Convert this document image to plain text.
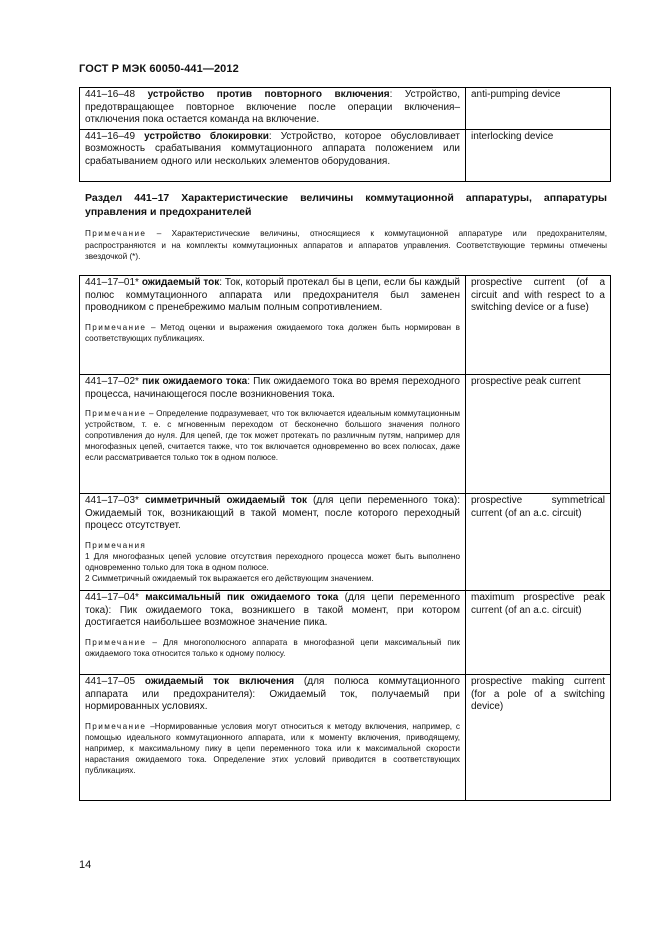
ГОСТ Р МЭК 60050-441—2012
441–16–48 устройство против повторного включения: Устройство, предотвращающее повторное включение после операции включения–отключения пока остается команда на включение.	anti-pumping device
441–16–49 устройство блокировки: Устройство, которое обусловливает возможность срабатывания коммутационного аппарата положением или срабатыванием одного или нескольких элементов оборудования.	interlocking device
Раздел 441–17 Характеристические величины коммутационной аппаратуры, аппаратуры управления и предохранителей
Примечание – Характеристические величины, относящиеся к коммутационной аппаратуре или предохранителям, распространяются и на комплекты коммутационных аппаратов и аппаратов управления. Соответствующие термины отмечены звездочкой (*).
441–17–01* ожидаемый ток: Ток, который протекал бы в цепи, если бы каждый полюс коммутационного аппарата или предохранителя был заменен проводником с пренебрежимо малым полным сопротивлением.
Примечание – Метод оценки и выражения ожидаемого тока должен быть нормирован в соответствующих публикациях.	prospective current (of a circuit and with respect to a switching device or a fuse)

441–17–02* пик ожидаемого тока: Пик ожидаемого тока во время переходного процесса, начинающегося после возникновения тока.
Примечание – Определение подразумевает, что ток включается идеальным коммутационным устройством, т. е. с мгновенным переходом от бесконечно большого значения полного сопротивления до нуля. Для цепей, где ток может протекать по различным путям, например для многофазных цепей, считается также, что ток включается одновременно во всех полюсах, даже если рассматривается только ток в одном полюсе.	prospective peak current

441–17–03* симметричный ожидаемый ток (для цепи переменного тока): Ожидаемый ток, возникающий в такой момент, после которого переходный процесс отсутствует.
Примечания
1 Для многофазных цепей условие отсутствия переходного процесса может быть выполнено одновременно только для тока в одном полюсе.
2 Симметричный ожидаемый ток выражается его действующим значением.	prospective symmetrical current (of an a.c. circuit)

441–17–04* максимальный пик ожидаемого тока (для цепи переменного тока): Пик ожидаемого тока, возникшего в такой момент, при котором достигается наибольшее возможное значение пика.
Примечание – Для многополюсного аппарата в многофазной цепи максимальный пик ожидаемого тока относится только к одному полюсу.	maximum prospective peak current (of an a.c. circuit)

441–17–05 ожидаемый ток включения (для полюса коммутационного аппарата или предохранителя): Ожидаемый ток, получаемый при нормированных условиях.
Примечание –Нормированные условия могут относиться к методу включения, например, с помощью идеального коммутационного аппарата, или к моменту включения, приводящему, например, к максимальному пику в цепи переменного тока или к максимальной скорости нарастания ожидаемого тока. Определение этих условий приводится в соответствующих публикациях.	prospective making current (for a pole of a switching device)
14
